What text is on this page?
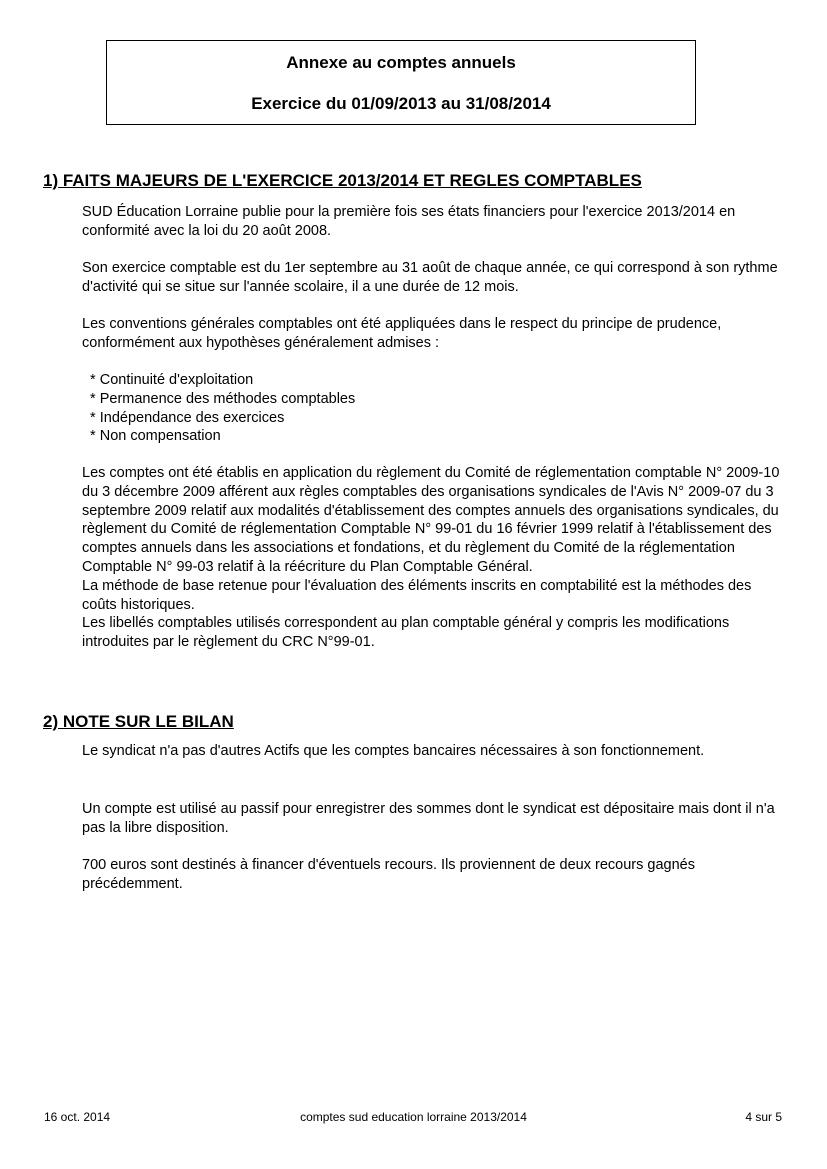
Annexe au comptes annuels
Exercice du 01/09/2013 au 31/08/2014
1) FAITS MAJEURS DE L'EXERCICE 2013/2014 ET REGLES COMPTABLES

SUD Éducation Lorraine publie pour la première fois ses états financiers pour l'exercice 2013/2014 en conformité avec la loi du 20 août 2008.

Son exercice comptable est du 1er septembre au 31 août de chaque année, ce qui correspond à son rythme d'activité qui se situe sur l'année scolaire, il a une durée de 12 mois.

Les conventions générales comptables ont été appliquées dans le respect du principe de prudence, conformément aux hypothèses généralement admises :

* Continuité d'exploitation
* Permanence des méthodes comptables
* Indépendance des exercices
* Non compensation
Les comptes ont été établis en application du règlement du Comité de réglementation comptable N° 2009-10 du 3 décembre 2009 afférent aux règles comptables des organisations syndicales de l'Avis N° 2009-07 du 3 septembre 2009 relatif aux modalités d'établissement des comptes annuels des organisations syndicales, du règlement du Comité de réglementation Comptable N° 99-01 du 16 février 1999 relatif à l'établissement des comptes annuels dans les associations et fondations, et du règlement du Comité de la réglementation Comptable N° 99-03 relatif à la réécriture du Plan Comptable Général.
La méthode de base retenue pour l'évaluation des éléments inscrits en comptabilité est la méthodes des coûts historiques.
Les libellés comptables utilisés correspondent au plan comptable général y compris les modifications introduites par le règlement du CRC N°99-01.
2) NOTE SUR LE BILAN

Le syndicat n'a pas d'autres Actifs que les comptes bancaires nécessaires à son fonctionnement.

Un compte est utilisé au passif pour enregistrer des sommes dont le syndicat est dépositaire mais dont il n'a pas la libre disposition.

700 euros sont destinés à financer d'éventuels recours. Ils proviennent de deux recours gagnés précédemment.

16 oct. 2014	comptes sud education lorraine 2013/2014	4 sur 5
